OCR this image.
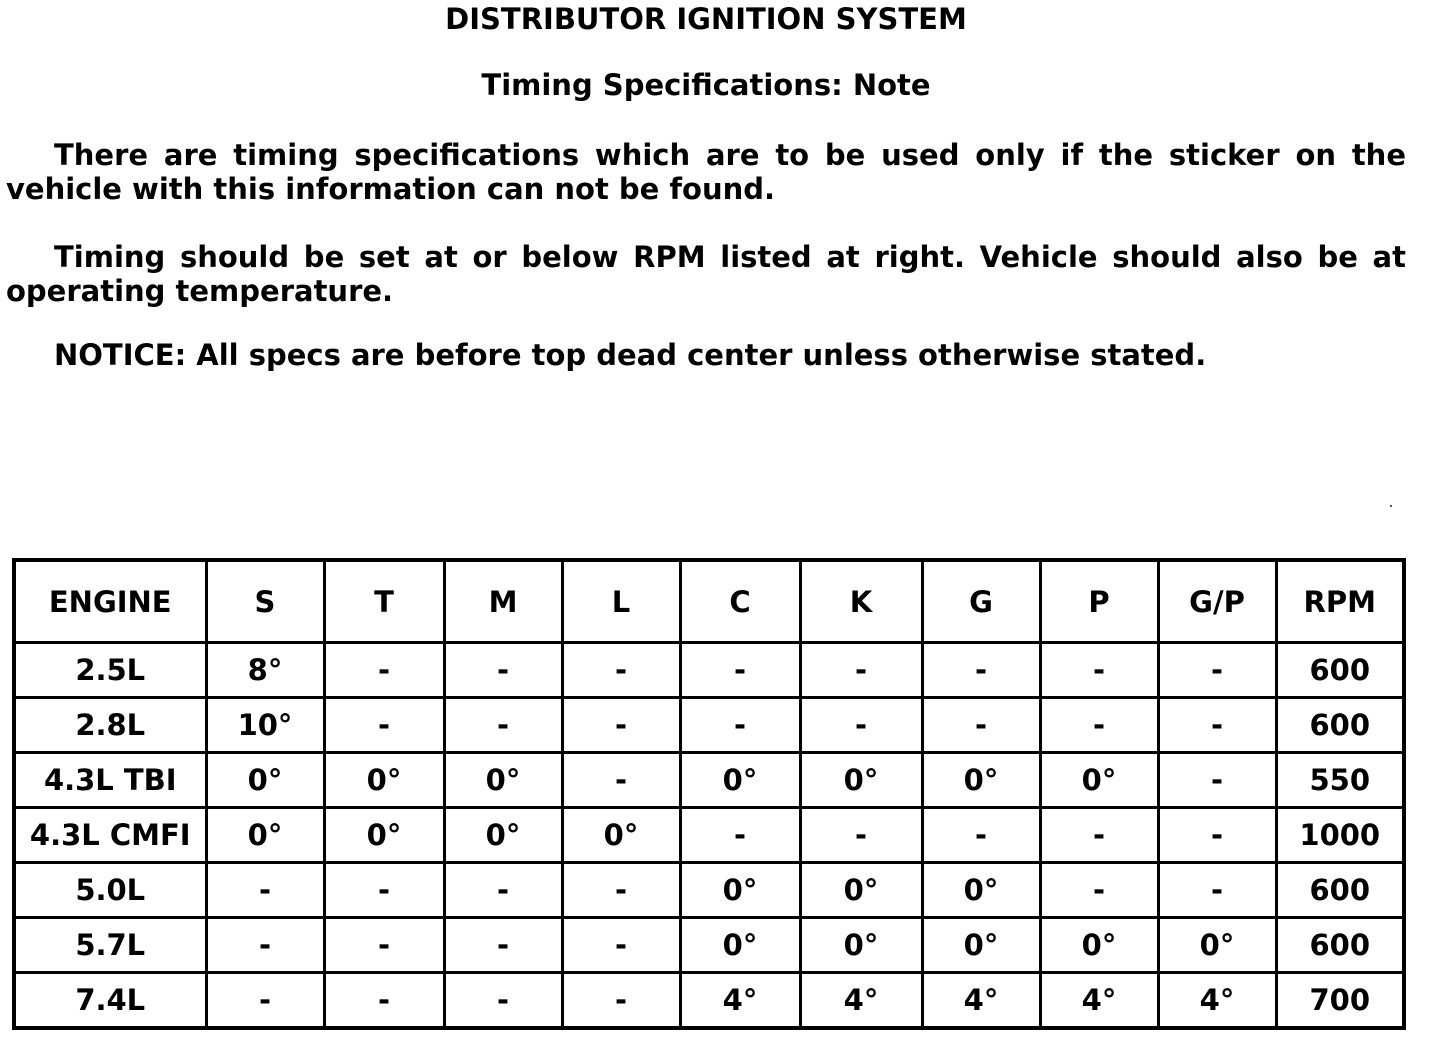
DISTRIBUTOR IGNITION SYSTEM
Timing Specifications: Note
There are timing specifications which are to be used only if the sticker on the vehicle with this information can not be found.
Timing should be set at or below RPM listed at right. Vehicle should also be at operating temperature.
NOTICE: All specs are before top dead center unless otherwise stated.
ENGINE	S	T	M	L	C	K	G	P	G/P	RPM
2.5L	8°	-	-	-	-	-	-	-	-	600
2.8L	10°	-	-	-	-	-	-	-	-	600
4.3L TBI	0°	0°	0°	-	0°	0°	0°	0°	-	550
4.3L CMFI	0°	0°	0°	0°	-	-	-	-	-	1000
5.0L	-	-	-	-	0°	0°	0°	-	-	600
5.7L	-	-	-	-	0°	0°	0°	0°	0°	600
7.4L	-	-	-	-	4°	4°	4°	4°	4°	700
